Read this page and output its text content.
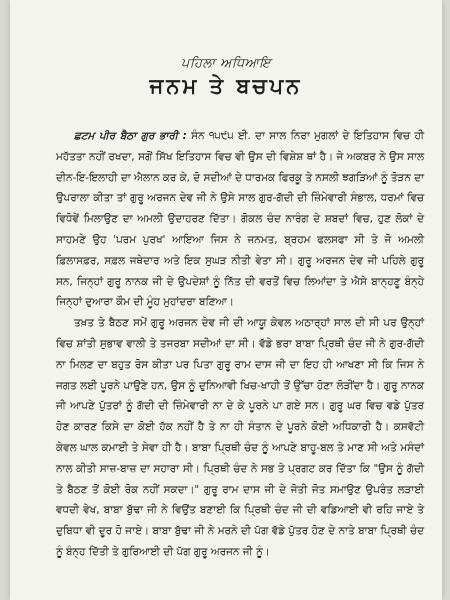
ਪਹਿਲਾ ਅਧਿਆਇ
ਜਨਮ ਤੇ ਬਚਪਨ

ਛਟਮ ਪੀਰ ਬੈਠਾ ਗੁਰ ਭਾਰੀ : ਸੰਨ ੧੫੯੫ ਈ. ਦਾ ਸਾਲ ਨਿਰਾ ਮੁਗਲਾਂ ਦੇ ਇਤਿਹਾਸ ਵਿਚ ਹੀ ਮਹੱਤਤਾ ਨਹੀਂ ਰਖਦਾ, ਸਗੋਂ ਸਿੱਖ ਇਤਿਹਾਸ ਵਿਚ ਵੀ ਉਸ ਦੀ ਵਿਸ਼ੇਸ਼ ਥਾਂ ਹੈ। ਜੇ ਅਕਬਰ ਨੇ ਉਸ ਸਾਲ ਦੀਨ-ਇ-ਇਲਾਹੀ ਦਾ ਐਲਾਨ ਕਰ ਕੇ, ਦੋ ਸਦੀਆਂ ਦੇ ਧਾਰਮਕ ਫਿਰਕੂ ਤੇ ਨਸਲੀ ਝਗੜਿਆਂ ਨੂੰ ਤੋੜਨ ਦਾ ਉਪਰਾਲਾ ਕੀਤਾ ਤਾਂ ਗੁਰੂ ਅਰਜਨ ਦੇਵ ਜੀ ਨੇ ਉਸੇ ਸਾਲ ਗੁਰ-ਗੱਦੀ ਦੀ ਜ਼ਿੰਮੇਵਾਰੀ ਸੰਭਾਲ, ਧਰਮਾਂ ਵਿਚ ਵਿਧੋਵੇਂ ਮਿਲਾਉਣ ਦਾ ਅਮਲੀ ਉਦਾਹਰਣ ਦਿੱਤਾ। ਗੋਕਲ ਚੰਦ ਨਾਰੰਗ ਦੇ ਸ਼ਬਦਾਂ ਵਿਚ, ਹੁਣ ਲੋਕਾਂ ਦੇ ਸਾਹਮਣੇ ਉਹ 'ਪਰਮ ਪੁਰਖ' ਆਇਆ ਜਿਸ ਨੇ ਜਨਮਤ, ਬ੍ਰਹਮ ਫਲਸਫਾ ਸੀ ਤੇ ਜੋ ਅਮਲੀ ਫ਼ਿਲਾਸਫ਼ਰ, ਸਫ਼ਲ ਜਥੇਦਾਰ ਅਤੇ ਇਕ ਸੁਘੜ ਨੀਤੀ ਵੇਤਾ ਸੀ। ਗੁਰੂ ਅਰਜਨ ਦੇਵ ਜੀ ਪਹਿਲੇ ਗੁਰੂ ਸਨ, ਜਿਨ੍ਹਾਂ ਗੁਰੂ ਨਾਨਕ ਜੀ ਦੇ ਉਪਦੇਸ਼ਾਂ ਨੂੰ ਨਿੱਤ ਦੀ ਵਰਤੋਂ ਵਿਚ ਲਿਆਂਦਾ ਤੇ ਐਸੇ ਬਾਨ੍ਹਣੂ ਬੰਨ੍ਹੇ ਜਿਨ੍ਹਾਂ ਦੁਆਰਾ ਕੌਮ ਦੀ ਮੂੰਹ ਮੁਹਾਂਦਰਾ ਬਣਿਆ।

ਤਖ਼ਤ ਤੇ ਬੈਠਣ ਸਮੇਂ ਗੁਰੂ ਅਰਜਨ ਦੇਵ ਜੀ ਦੀ ਆਯੂ ਕੇਵਲ ਅਠਾਰ੍ਹਾਂ ਸਾਲ ਦੀ ਸੀ ਪਰ ਉਨ੍ਹਾਂ ਵਿਚ ਸ਼ਾਂਤੀ ਸੁਭਾਵ ਵਾਲੀ ਤੇ ਤਜਰਬਾ ਸਦੀਆਂ ਦਾ ਸੀ। ਵੱਡੇ ਭਰਾ ਬਾਬਾ ਪ੍ਰਿਥੀ ਚੰਦ ਜੀ ਨੇ ਗੁਰ-ਗੱਦੀ ਨਾ ਮਿਲਣ ਦਾ ਬਹੁਤ ਰੋਸ ਕੀਤਾ ਪਰ ਪਿਤਾ ਗੁਰੂ ਰਾਮ ਦਾਸ ਜੀ ਦਾ ਇਹ ਹੀ ਆਖਣਾ ਸੀ ਕਿ ਜਿਸ ਨੇ ਜਗਤ ਲਈ ਪੂਰਨੇ ਪਾਉਣੇ ਹਨ, ਉਸ ਨੂੰ ਦੁਨਿਆਵੀ ਖਿਚ-ਖਾਹੀ ਤੋਂ ਉੱਚਾ ਹੋਣਾ ਲੋੜੀਂਦਾ ਹੈ। ਗੁਰੂ ਨਾਨਕ ਜੀ ਆਪਣੇ ਪੁੱਤਰਾਂ ਨੂੰ ਗੱਦੀ ਦੀ ਜ਼ਿੰਮੇਵਾਰੀ ਨਾ ਦੇ ਕੇ ਪੂਰਨੇ ਪਾ ਗਏ ਸਨ। ਗੁਰੂ ਘਰ ਵਿਚ ਵਡੇ ਪੁੱਤਰ ਹੋਣ ਕਾਰਣ ਕਿਸੇ ਦਾ ਕੋਈ ਹੱਕ ਨਹੀਂ ਹੈ ਤੇ ਨਾ ਹੀ ਸੰਤਾਨ ਦੇ ਪੂਰਨੇ ਕੋਈ ਅਧਿਕਾਰੀ ਹੈ। ਕਸਵੱਟੀ ਕੇਵਲ ਘਾਲ ਕਮਾਈ ਤੇ ਸੇਵਾ ਹੀ ਹੈ। ਬਾਬਾ ਪ੍ਰਿਥੀ ਚੰਦ ਨੂੰ ਆਪਣੇ ਬਾਹੂ-ਬਲ ਤੇ ਮਾਣ ਸੀ ਅਤੇ ਮਸੰਦਾਂ ਨਾਲ ਕੀਤੀ ਸਾਜ਼-ਬਾਜ਼ ਦਾ ਸਹਾਰਾ ਸੀ। ਪ੍ਰਿਥੀ ਚੰਦ ਨੇ ਸਭ ਤੇ ਪ੍ਰਗਟ ਕਰ ਦਿੱਤਾ ਕਿ "ਉਸ ਨੂੰ ਗੱਦੀ ਤੇ ਬੈਠਣ ਤੋਂ ਕੋਈ ਰੋਕ ਨਹੀਂ ਸਕਦਾ।" ਗੁਰੂ ਰਾਮ ਦਾਸ ਜੀ ਦੇ ਜੋਤੀ ਜੋਤ ਸਮਾਉਣ ਉਪਰੰਤ ਲੜਾਈ ਵਧਦੀ ਵੇਖ, ਬਾਬਾ ਬੁੱਢਾ ਜੀ ਨੇ ਵਿਉਂਤ ਬਣਾਈ ਕਿ ਪ੍ਰਿਥੀ ਚੰਦ ਜੀ ਦੀ ਵਡਿਆਈ ਵੀ ਰਹਿ ਜਾਏ ਤੇ ਦੁਬਿਧਾ ਵੀ ਦੂਰ ਹੋ ਜਾਏ। ਬਾਬਾ ਬੁੱਢਾ ਜੀ ਨੇ ਮਰਨੇ ਦੀ ਪੱਗ ਵੱਡੇ ਪੁੱਤਰ ਹੋਣ ਦੇ ਨਾਤੇ ਬਾਬਾ ਪ੍ਰਿਥੀ ਚੰਦ ਨੂੰ ਬੰਨ੍ਹ ਦਿੱਤੀ ਤੇ ਗੁਰਿਆਈ ਦੀ ਪੱਗ ਗੁਰੂ ਅਰਜਨ ਜੀ ਨੂੰ।
